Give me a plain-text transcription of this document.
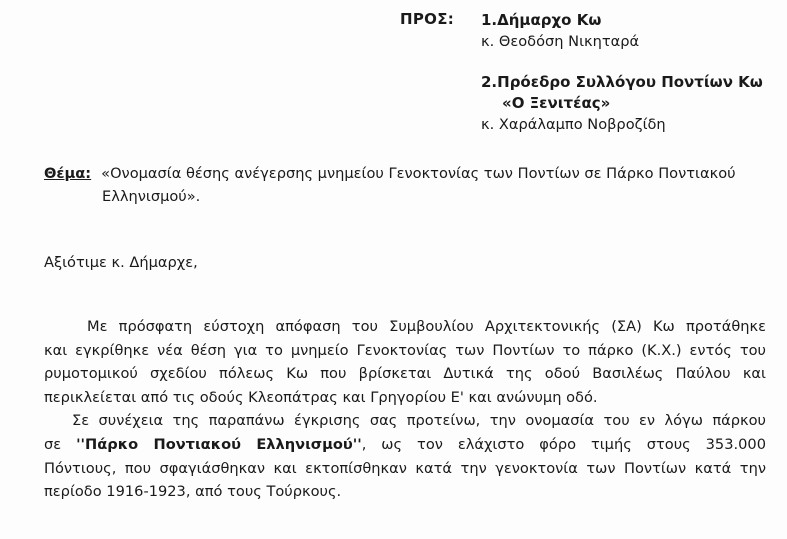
ΠΡΟΣ: 1.Δήμαρχο Κω
κ. Θεοδόση Νικηταρά
2.Πρόεδρο Συλλόγου Ποντίων Κω
«Ο Ξενιτέας»
κ. Χαράλαμπο Νοβροζίδη
Θέμα: «Ονομασία θέσης ανέγερσης μνημείου Γενοκτονίας των Ποντίων σε Πάρκο Ποντιακού
Ελληνισμού».
Αξιότιμε κ. Δήμαρχε,
Με πρόσφατη εύστοχη απόφαση του Συμβουλίου Αρχιτεκτονικής (ΣΑ) Κω προτάθηκε
και εγκρίθηκε νέα θέση για το μνημείο Γενοκτονίας των Ποντίων το πάρκο (Κ.Χ.) εντός του
ρυμοτομικού σχεδίου πόλεως Κω που βρίσκεται Δυτικά της οδού Βασιλέως Παύλου και
περικλείεται από τις οδούς Κλεοπάτρας και Γρηγορίου Ε' και ανώνυμη οδό.
Σε συνέχεια της παραπάνω έγκρισης σας προτείνω, την ονομασία του εν λόγω πάρκου
σε ''Πάρκο Ποντιακού Ελληνισμού'', ως τον ελάχιστο φόρο τιμής στους 353.000
Πόντιους, που σφαγιάσθηκαν και εκτοπίσθηκαν κατά την γενοκτονία των Ποντίων κατά την
περίοδο 1916-1923, από τους Τούρκους.
